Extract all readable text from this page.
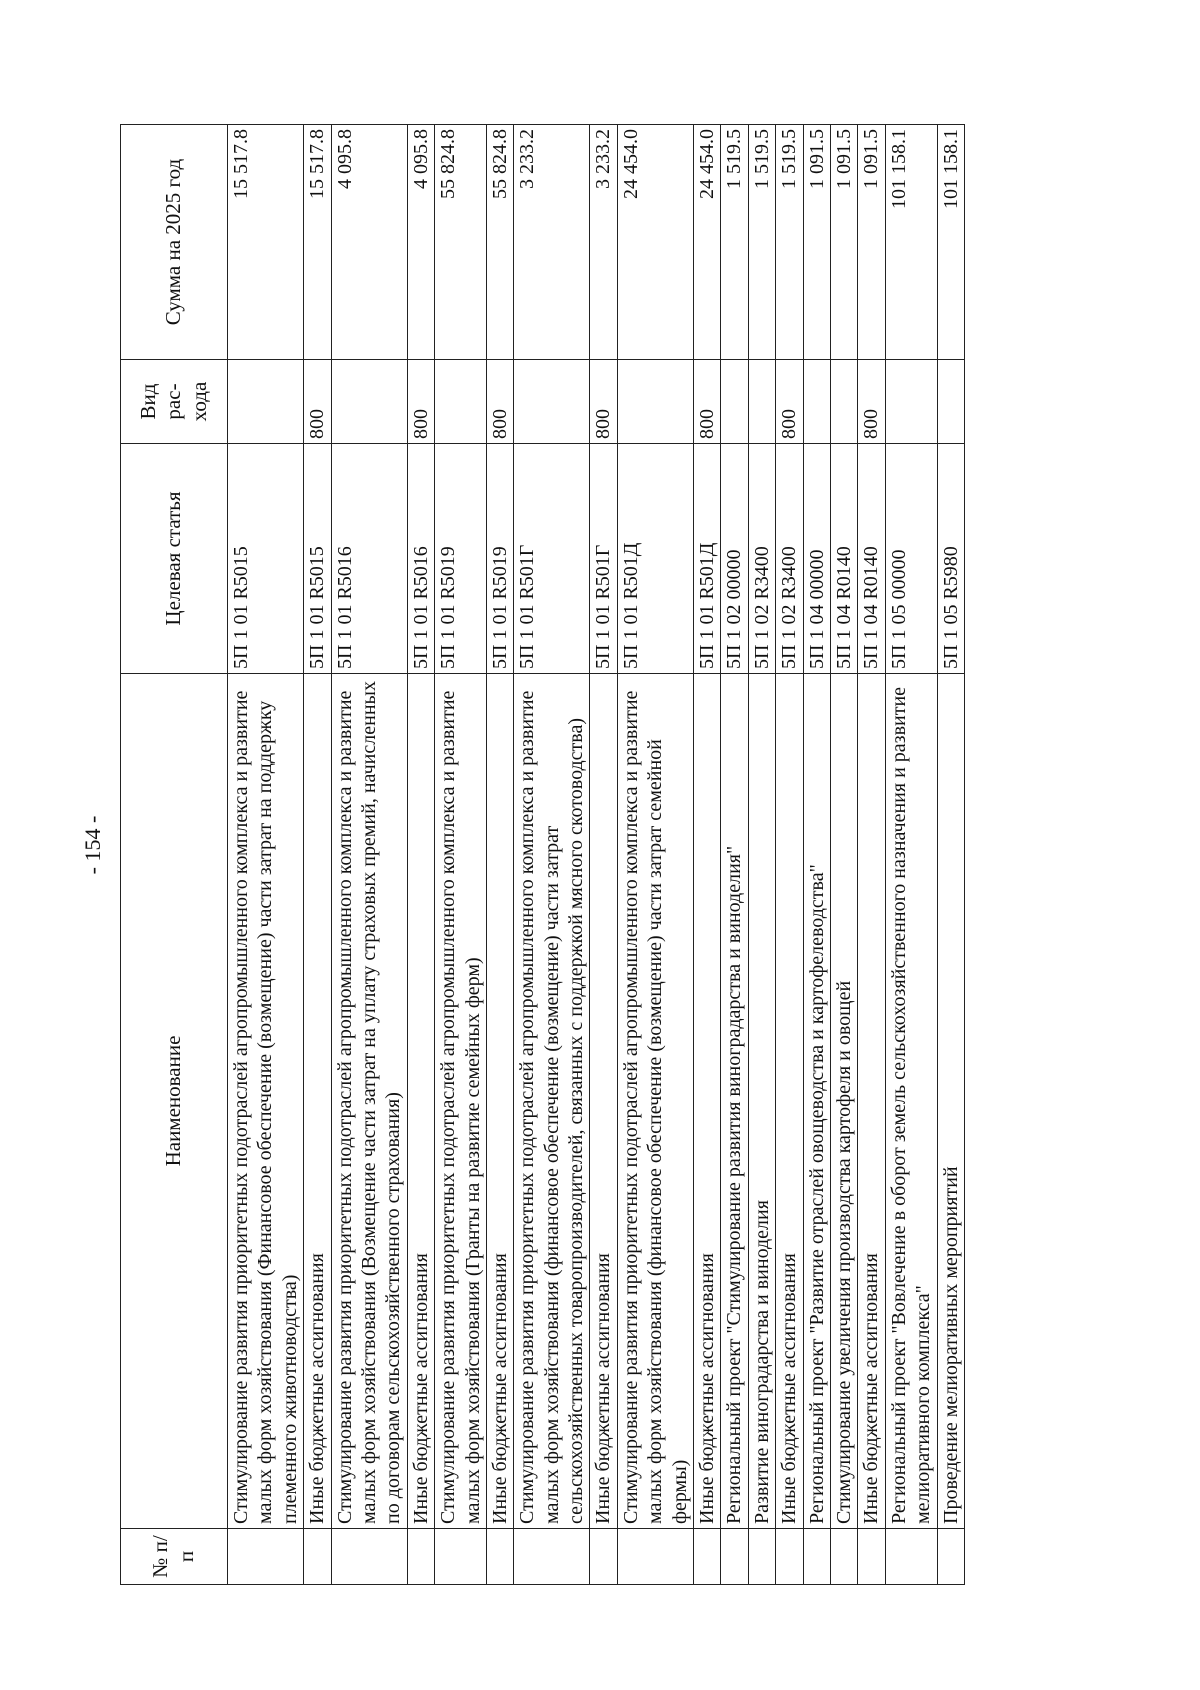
- 154 -
№ п/п	Наименование	Целевая статья	Вид рас- хода	Сумма на 2025 год
	Стимулирование развития приоритетных подотраслей агропромышленного комплекса и развитие малых форм хозяйствования (Финансовое обеспечение (возмещение) части затрат на поддержку племенного животноводства)	5П 1 01 R5015		15 517.8
	Иные бюджетные ассигнования	5П 1 01 R5015	800	15 517.8
	Стимулирование развития приоритетных подотраслей агропромышленного комплекса и развитие малых форм хозяйствования (Возмещение части затрат на уплату страховых премий, начисленных по договорам сельскохозяйственного страхования)	5П 1 01 R5016		4 095.8
	Иные бюджетные ассигнования	5П 1 01 R5016	800	4 095.8
	Стимулирование развития приоритетных подотраслей агропромышленного комплекса и развитие малых форм хозяйствования (Гранты на развитие семейных ферм)	5П 1 01 R5019		55 824.8
	Иные бюджетные ассигнования	5П 1 01 R5019	800	55 824.8
	Стимулирование развития приоритетных подотраслей агропромышленного комплекса и развитие малых форм хозяйствования (финансовое обеспечение (возмещение) части затрат сельскохозяйственных товаропроизводителей, связанных с поддержкой мясного скотоводства)	5П 1 01 R501Г		3 233.2
	Иные бюджетные ассигнования	5П 1 01 R501Г	800	3 233.2
	Стимулирование развития приоритетных подотраслей агропромышленного комплекса и развитие малых форм хозяйствования (финансовое обеспечение (возмещение) части затрат семейной фермы)	5П 1 01 R501Д		24 454.0
	Иные бюджетные ассигнования	5П 1 01 R501Д	800	24 454.0
	Региональный проект "Стимулирование развития виноградарства и виноделия"	5П 1 02 00000		1 519.5
	Развитие виноградарства и виноделия	5П 1 02 R3400		1 519.5
	Иные бюджетные ассигнования	5П 1 02 R3400	800	1 519.5
	Региональный проект "Развитие отраслей овощеводства и картофелеводства"	5П 1 04 00000		1 091.5
	Стимулирование увеличения производства картофеля и овощей	5П 1 04 R0140		1 091.5
	Иные бюджетные ассигнования	5П 1 04 R0140	800	1 091.5
	Региональный проект "Вовлечение в оборот земель сельскохозяйственного назначения и развитие мелиоративного комплекса"	5П 1 05 00000		101 158.1
	Проведение мелиоративных мероприятий	5П 1 05 R5980		101 158.1
